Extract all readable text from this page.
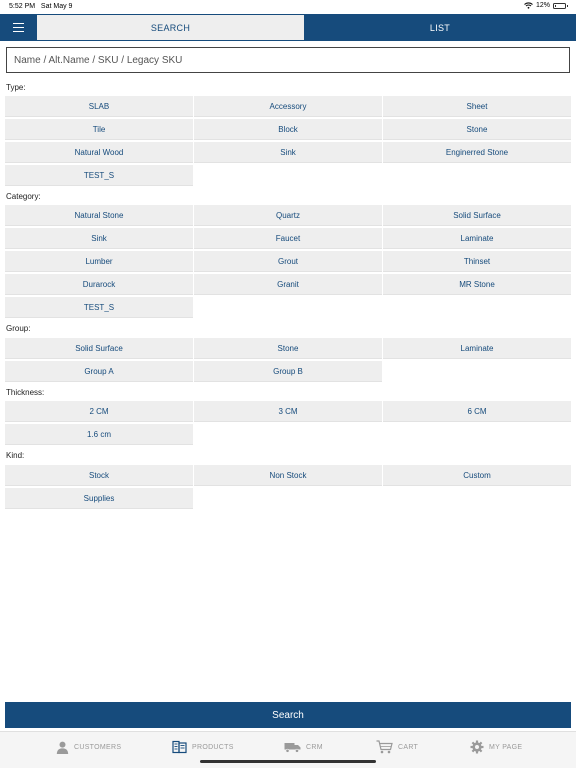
5:52 PM Sat May 9	12%
SEARCH	LIST
Name / Alt.Name / SKU / Legacy SKU
Type:
SLAB	Accessory	Sheet
Tile	Block	Stone
Natural Wood	Sink	Enginerred Stone
TEST_S
Category:
Natural Stone	Quartz	Solid Surface
Sink	Faucet	Laminate
Lumber	Grout	Thinset
Durarock	Granit	MR Stone
TEST_S
Group:
Solid Surface	Stone	Laminate
Group A	Group B
Thickness:
2 CM	3 CM	6 CM
1.6 cm
Kind:
Stock	Non Stock	Custom
Supplies
Search
CUSTOMERS	PRODUCTS	CRM	CART	MY PAGE
